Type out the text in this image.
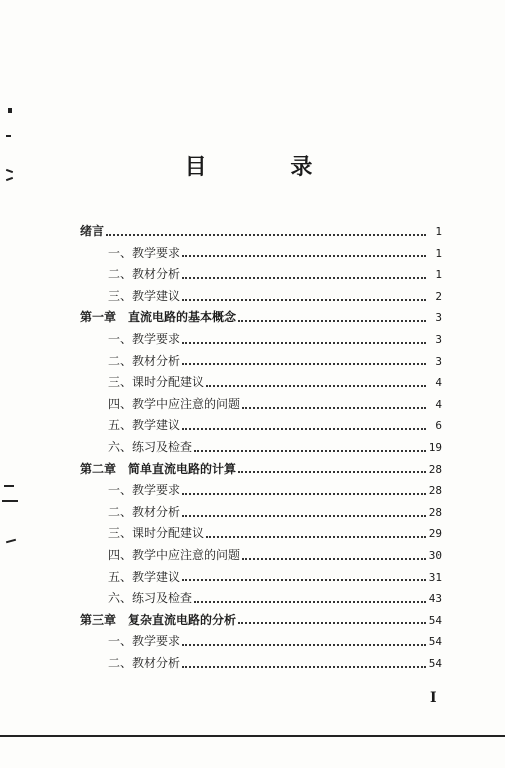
目 录
绪言	1
一、教学要求	1
二、教材分析	1
三、教学建议	2
第一章　直流电路的基本概念	3
一、教学要求	3
二、教材分析	3
三、课时分配建议	4
四、教学中应注意的问题	4
五、教学建议	6
六、练习及检查	19
第二章　简单直流电路的计算	28
一、教学要求	28
二、教材分析	28
三、课时分配建议	29
四、教学中应注意的问题	30
五、教学建议	31
六、练习及检查	43
第三章　复杂直流电路的分析	54
一、教学要求	54
二、教材分析	54
I
